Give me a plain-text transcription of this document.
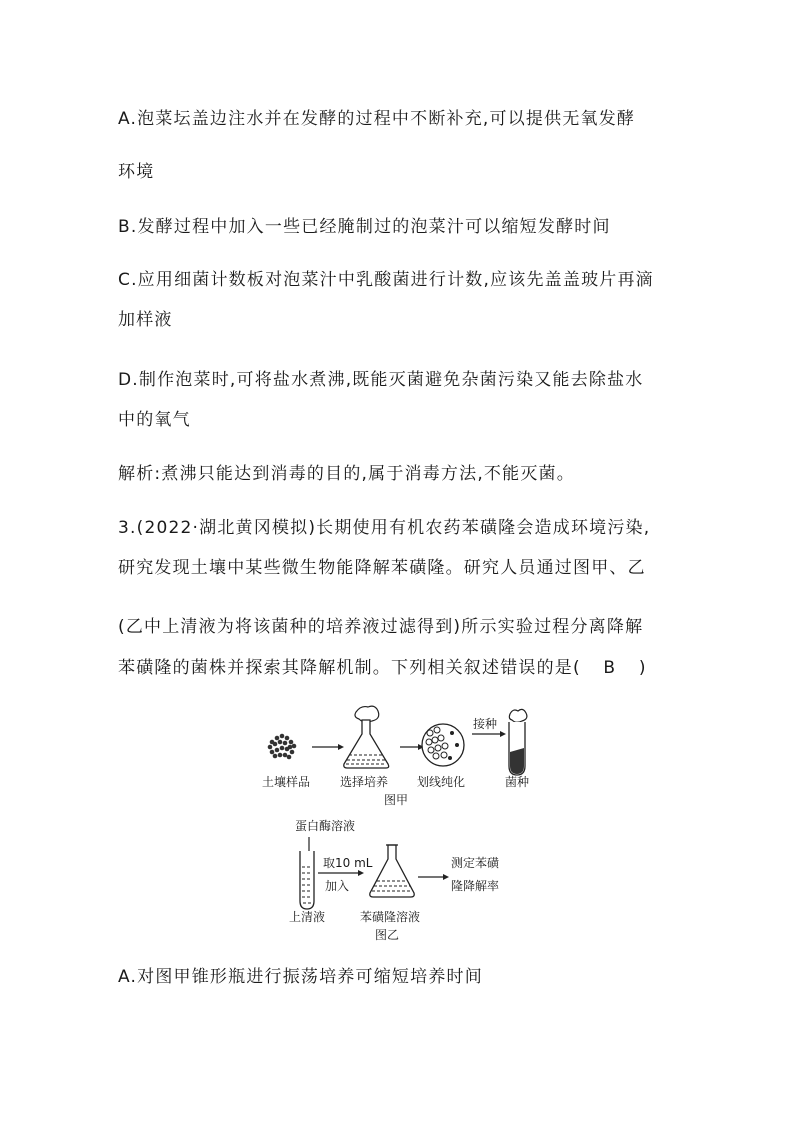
A.泡菜坛盖边注水并在发酵的过程中不断补充,可以提供无氧发酵
环境
B.发酵过程中加入一些已经腌制过的泡菜汁可以缩短发酵时间
C.应用细菌计数板对泡菜汁中乳酸菌进行计数,应该先盖盖玻片再滴
加样液
D.制作泡菜时,可将盐水煮沸,既能灭菌避免杂菌污染又能去除盐水
中的氧气
解析:煮沸只能达到消毒的目的,属于消毒方法,不能灭菌。
3.(2022·湖北黄冈模拟)长期使用有机农药苯磺隆会造成环境污染,
研究发现土壤中某些微生物能降解苯磺隆。研究人员通过图甲、乙
(乙中上清液为将该菌种的培养液过滤得到)所示实验过程分离降解
苯磺隆的菌株并探索其降解机制。下列相关叙述错误的是( B )
接种
土壤样品 选择培养 划线纯化	菌种
图甲
蛋白酶溶液
取10 mL
加入
测定苯磺
隆降解率
上清液	苯磺隆溶液
图乙
A.对图甲锥形瓶进行振荡培养可缩短培养时间
